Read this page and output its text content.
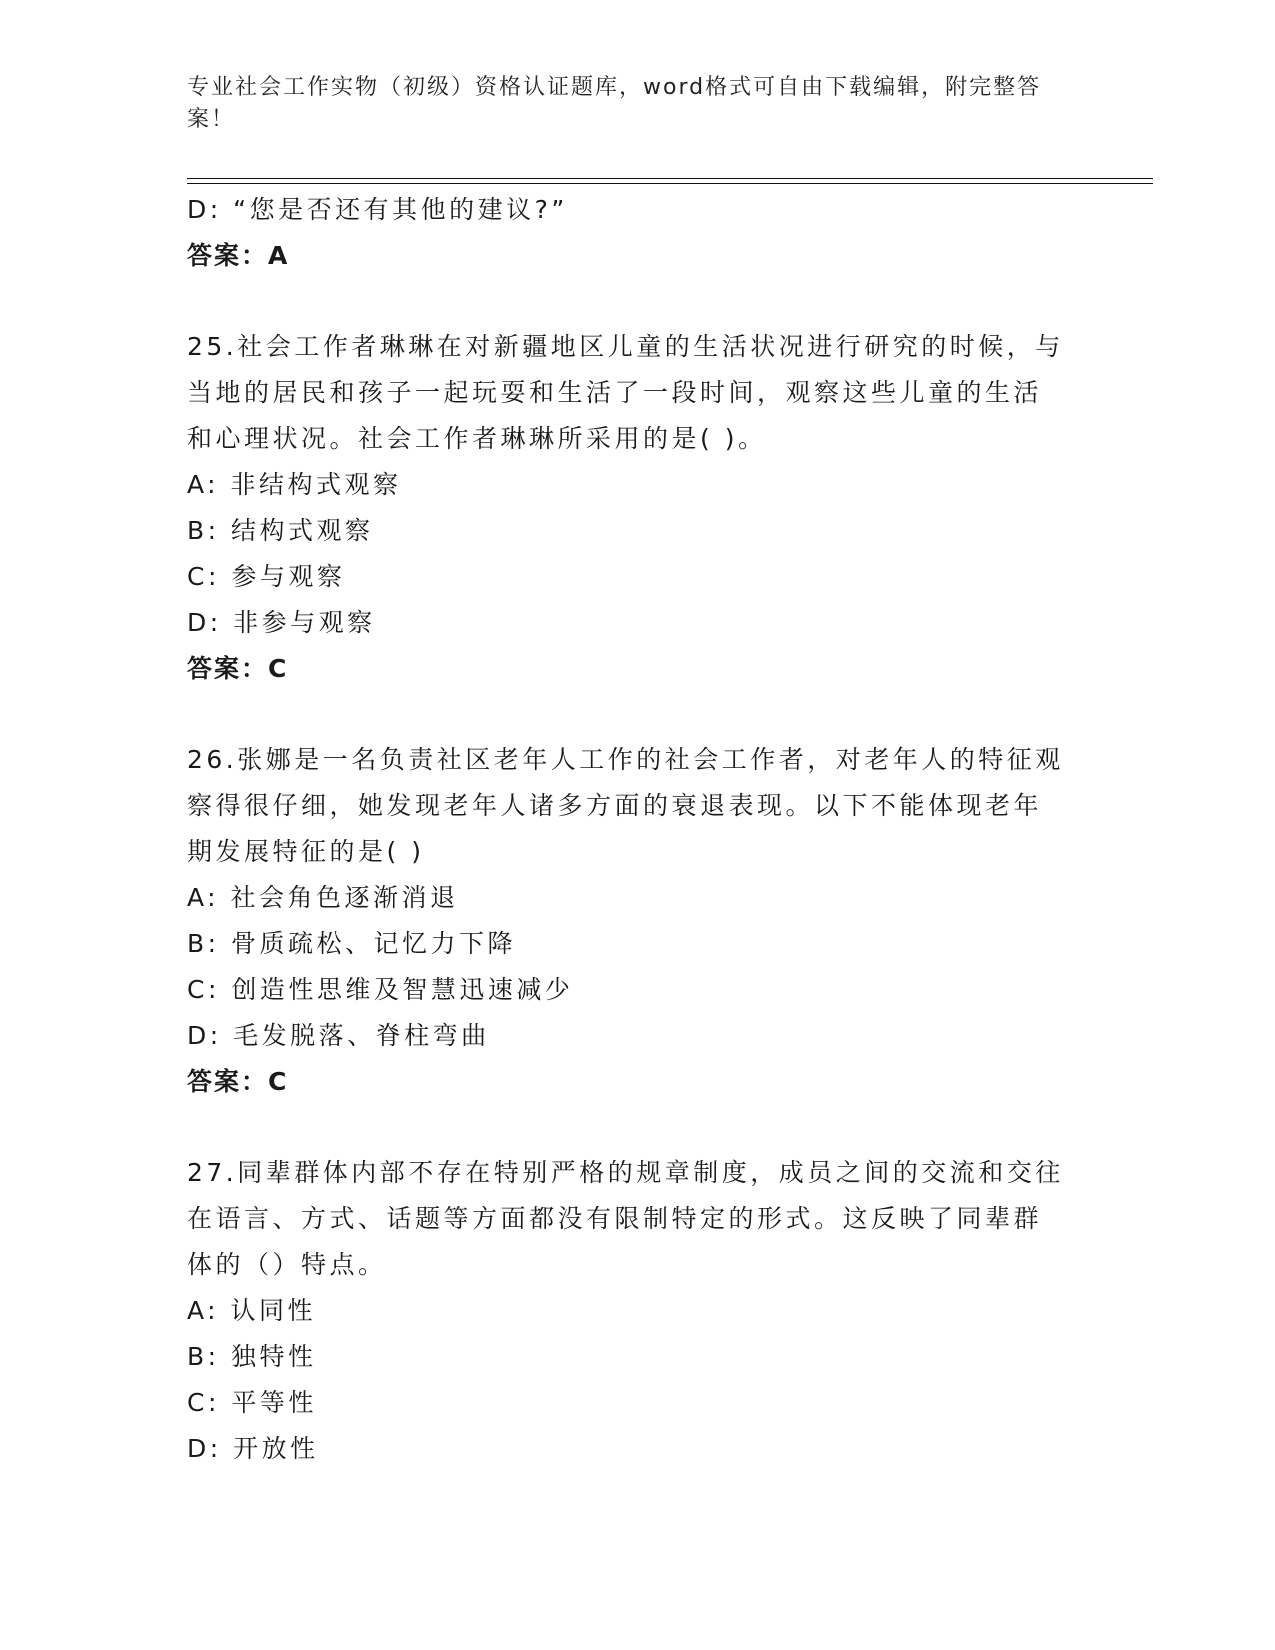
专业社会工作实物（初级）资格认证题库，word格式可自由下载编辑，附完整答
案！
D: “您是否还有其他的建议?”
答案：A
25.社会工作者琳琳在对新疆地区儿童的生活状况进行研究的时候，与
当地的居民和孩子一起玩耍和生活了一段时间，观察这些儿童的生活
和心理状况。社会工作者琳琳所采用的是( )。
A: 非结构式观察
B: 结构式观察
C: 参与观察
D: 非参与观察
答案：C
26.张娜是一名负责社区老年人工作的社会工作者，对老年人的特征观
察得很仔细，她发现老年人诸多方面的衰退表现。以下不能体现老年
期发展特征的是( )
A: 社会角色逐渐消退
B: 骨质疏松、记忆力下降
C: 创造性思维及智慧迅速减少
D: 毛发脱落、脊柱弯曲
答案：C
27.同辈群体内部不存在特别严格的规章制度，成员之间的交流和交往
在语言、方式、话题等方面都没有限制特定的形式。这反映了同辈群
体的（）特点。
A: 认同性
B: 独特性
C: 平等性
D: 开放性
